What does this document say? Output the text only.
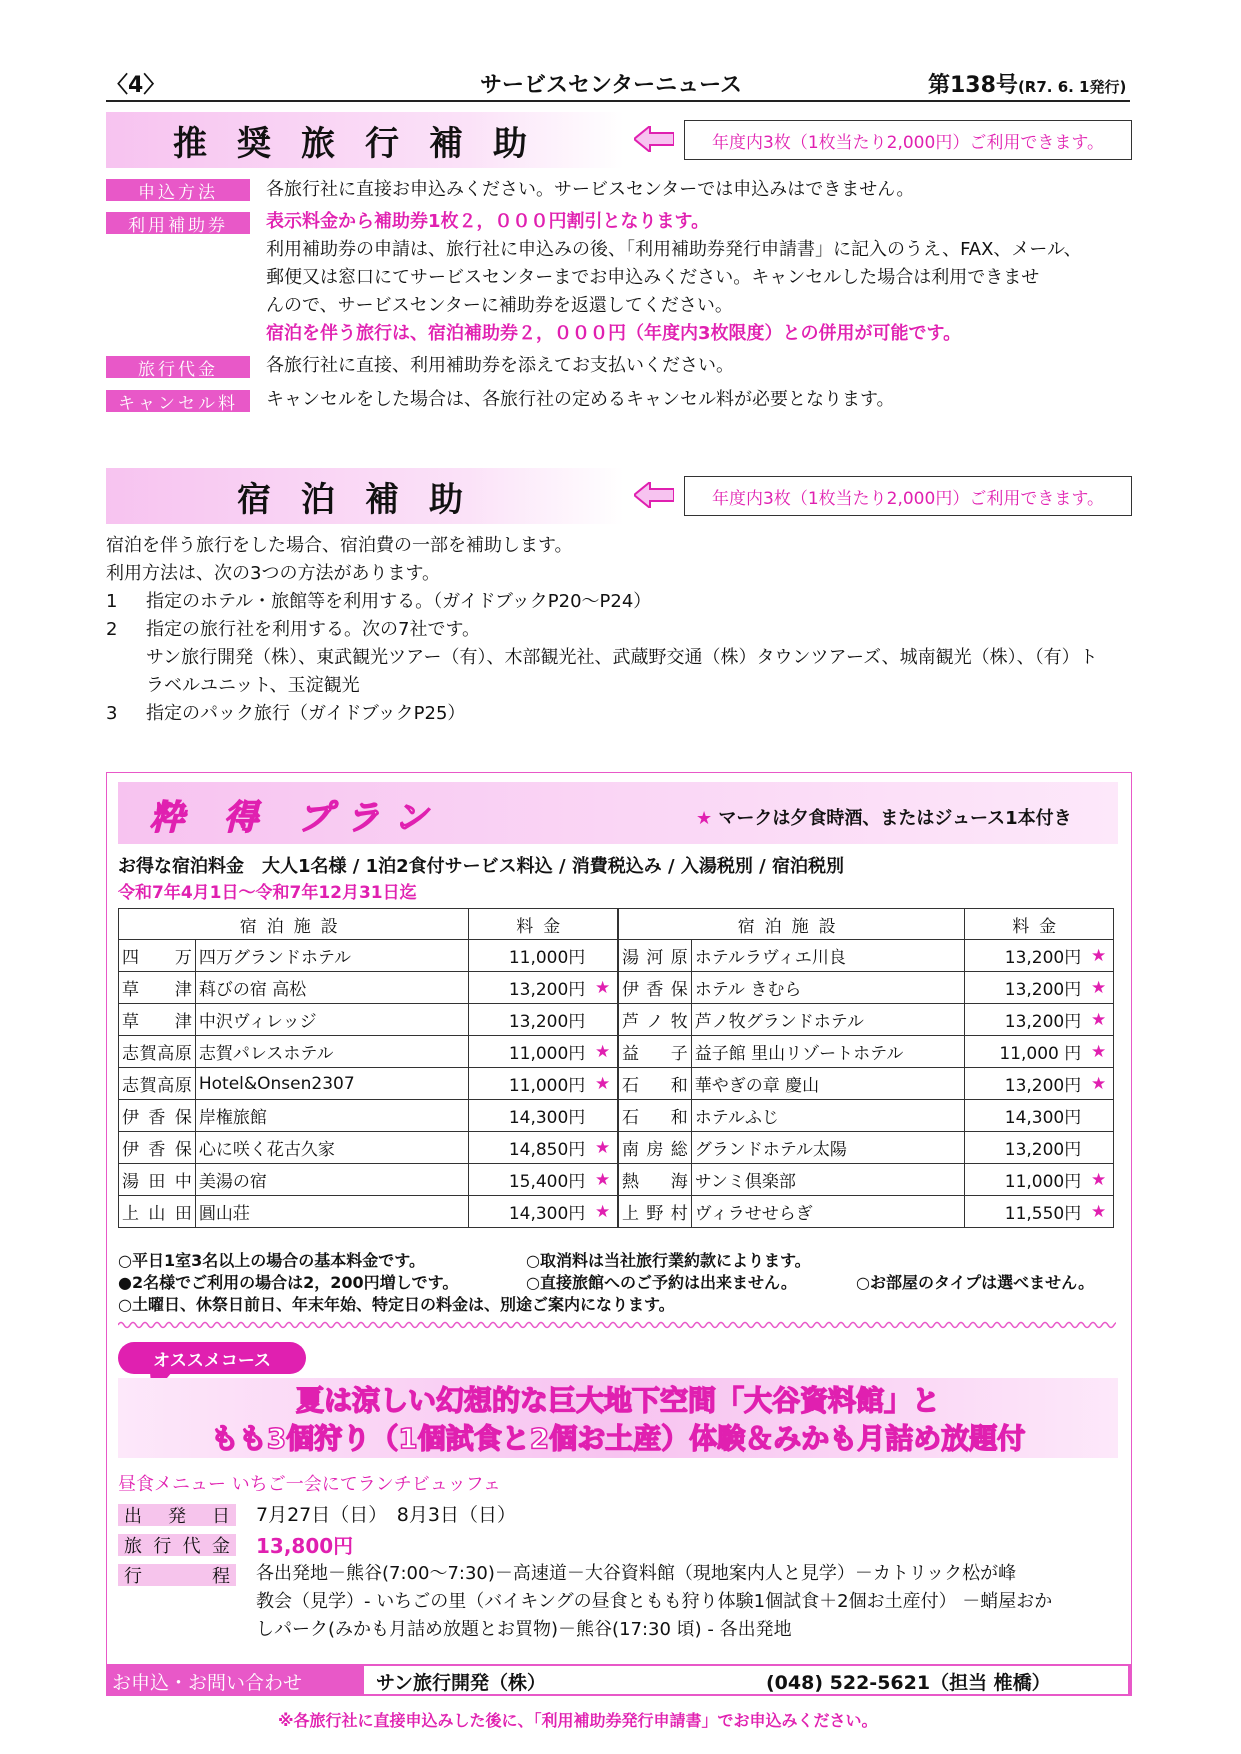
〈4〉	サービスセンターニュース	第138号(R7. 6. 1発行)
推奨旅行補助	年度内3枚（1枚当たり2,000円）ご利用できます。
申込方法	各旅行社に直接お申込みください。サービスセンターでは申込みはできません。
利用補助券	表示料金から補助券1枚２，０００円割引となります。
利用補助券の申請は、旅行社に申込みの後、「利用補助券発行申請書」に記入のうえ、FAX、メール、
郵便又は窓口にてサービスセンターまでお申込みください。キャンセルした場合は利用できませ
んので、サービスセンターに補助券を返還してください。
宿泊を伴う旅行は、宿泊補助券２，０００円（年度内3枚限度）との併用が可能です。
旅行代金	各旅行社に直接、利用補助券を添えてお支払いください。
キャンセル料	キャンセルをした場合は、各旅行社の定めるキャンセル料が必要となります。
宿泊補助	年度内3枚（1枚当たり2,000円）ご利用できます。
宿泊を伴う旅行をした場合、宿泊費の一部を補助します。
利用方法は、次の3つの方法があります。
1 指定のホテル・旅館等を利用する。（ガイドブックP20～P24）
2 指定の旅行社を利用する。次の7社です。
サン旅行開発（株）、東武観光ツアー（有）、木部観光社、武蔵野交通（株）タウンツアーズ、城南観光（株）、（有）ト
ラベルユニット、玉淀観光
3 指定のパック旅行（ガイドブックP25）
粋 得 プラン	★ マークは夕食時酒、またはジュース1本付き
お得な宿泊料金　大人1名様 / 1泊2食付サービス料込 / 消費税込み / 入湯税別 / 宿泊税別
令和7年4月1日～令和7年12月31日迄
宿泊施設		料金		宿泊施設		料金	
四万	四万グランドホテル	11,000円		湯河原	ホテルラヴィエ川良	13,200円	★
草津	萪びの宿 高松	13,200円	★	伊香保	ホテル きむら	13,200円	★
草津	中沢ヴィレッジ	13,200円		芦ノ牧	芦ノ牧グランドホテル	13,200円	★
志賀高原	志賀パレスホテル	11,000円	★	益子	益子館 里山リゾートホテル	11,000 円	★
志賀高原	Hotel&Onsen2307	11,000円	★	石和	華やぎの章 慶山	13,200円	★
伊香保	岸権旅館	14,300円		石和	ホテルふじ	14,300円	
伊香保	心に咲く花古久家	14,850円	★	南房総	グランドホテル太陽	13,200円	
湯田中	美湯の宿	15,400円	★	熱海	サンミ倶楽部	11,000円	★
上山田	圓山荘	14,300円	★	上野村	ヴィラせせらぎ	11,550円	★
○平日1室3名以上の場合の基本料金です。	○取消料は当社旅行業約款によります。
●2名様でご利用の場合は2，200円増しです。	○直接旅館へのご予約は出来ません。	○お部屋のタイプは選べません。
○土曜日、休祭日前日、年末年始、特定日の料金は、別途ご案内になります。
オススメコース
夏は涼しい幻想的な巨大地下空間「大谷資料館」と
もも3個狩り（1個試食と2個お土産）体験＆みかも月詰め放題付
昼食メニュー いちご一会にてランチビュッフェ
出 発 日 7月27日（日）　8月3日（日）
旅 行 代 金 13,800円
行	程 各出発地－熊谷(7:00～7:30)－高速道－大谷資料館（現地案内人と見学）－カトリック松が峰
教会（見学）- いちごの里（バイキングの昼食ともも狩り体験1個試食＋2個お土産付） －蛸屋おか
しパーク(みかも月詰め放題とお買物)－熊谷(17:30 頃) - 各出発地
お申込・お問い合わせ	サン旅行開発（株）	(048) 522-5621（担当 椎橋）
※各旅行社に直接申込みした後に、「利用補助券発行申請書」でお申込みください。
